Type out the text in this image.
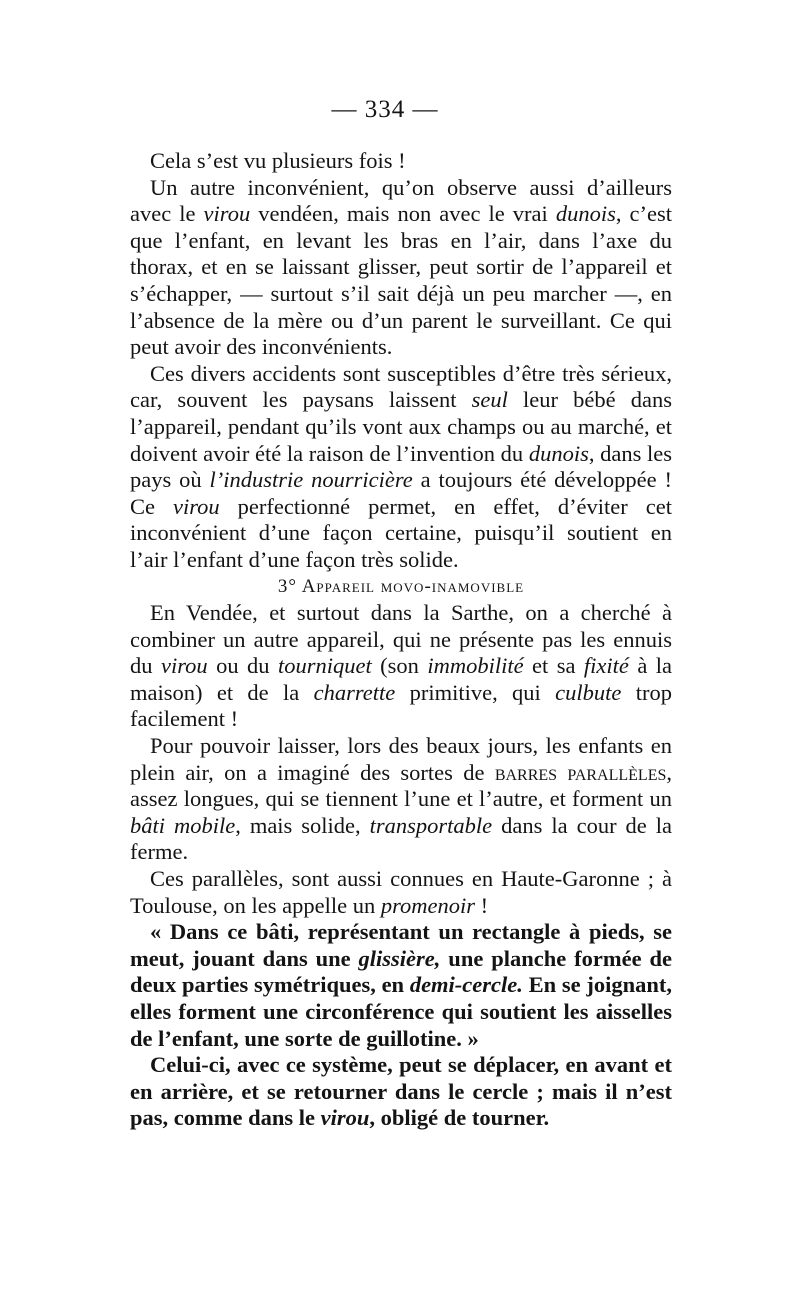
— 334 —

Cela s’est vu plusieurs fois !

Un autre inconvénient, qu’on observe aussi d’ailleurs avec le virou vendéen, mais non avec le vrai dunois, c’est que l’enfant, en levant les bras en l’air, dans l’axe du thorax, et en se laissant glisser, peut sortir de l’appareil et s’échapper, — surtout s’il sait déjà un peu marcher —, en l’absence de la mère ou d’un parent le surveillant. Ce qui peut avoir des inconvénients.

Ces divers accidents sont susceptibles d’être très sérieux, car, souvent les paysans laissent seul leur bébé dans l’appareil, pendant qu’ils vont aux champs ou au marché, et doivent avoir été la raison de l’invention du dunois, dans les pays où l’industrie nourricière a toujours été développée ! Ce virou perfectionné permet, en effet, d’éviter cet inconvénient d’une façon certaine, puisqu’il soutient en l’air l’enfant d’une façon très solide.

3° Appareil movo-inamovible

En Vendée, et surtout dans la Sarthe, on a cherché à combiner un autre appareil, qui ne présente pas les ennuis du virou ou du tourniquet (son immobilité et sa fixité à la maison) et de la charrette primitive, qui culbute trop facilement !

Pour pouvoir laisser, lors des beaux jours, les enfants en plein air, on a imaginé des sortes de barres parallèles, assez longues, qui se tiennent l’une et l’autre, et forment un bâti mobile, mais solide, transportable dans la cour de la ferme.

Ces parallèles, sont aussi connues en Haute-Garonne ; à Toulouse, on les appelle un promenoir !

« Dans ce bâti, représentant un rectangle à pieds, se meut, jouant dans une glissière, une planche formée de deux parties symétriques, en demi-cercle. En se joignant, elles forment une circonférence qui soutient les aisselles de l’enfant, une sorte de guillotine. »

Celui-ci, avec ce système, peut se déplacer, en avant et en arrière, et se retourner dans le cercle ; mais il n’est pas, comme dans le virou, obligé de tourner.
